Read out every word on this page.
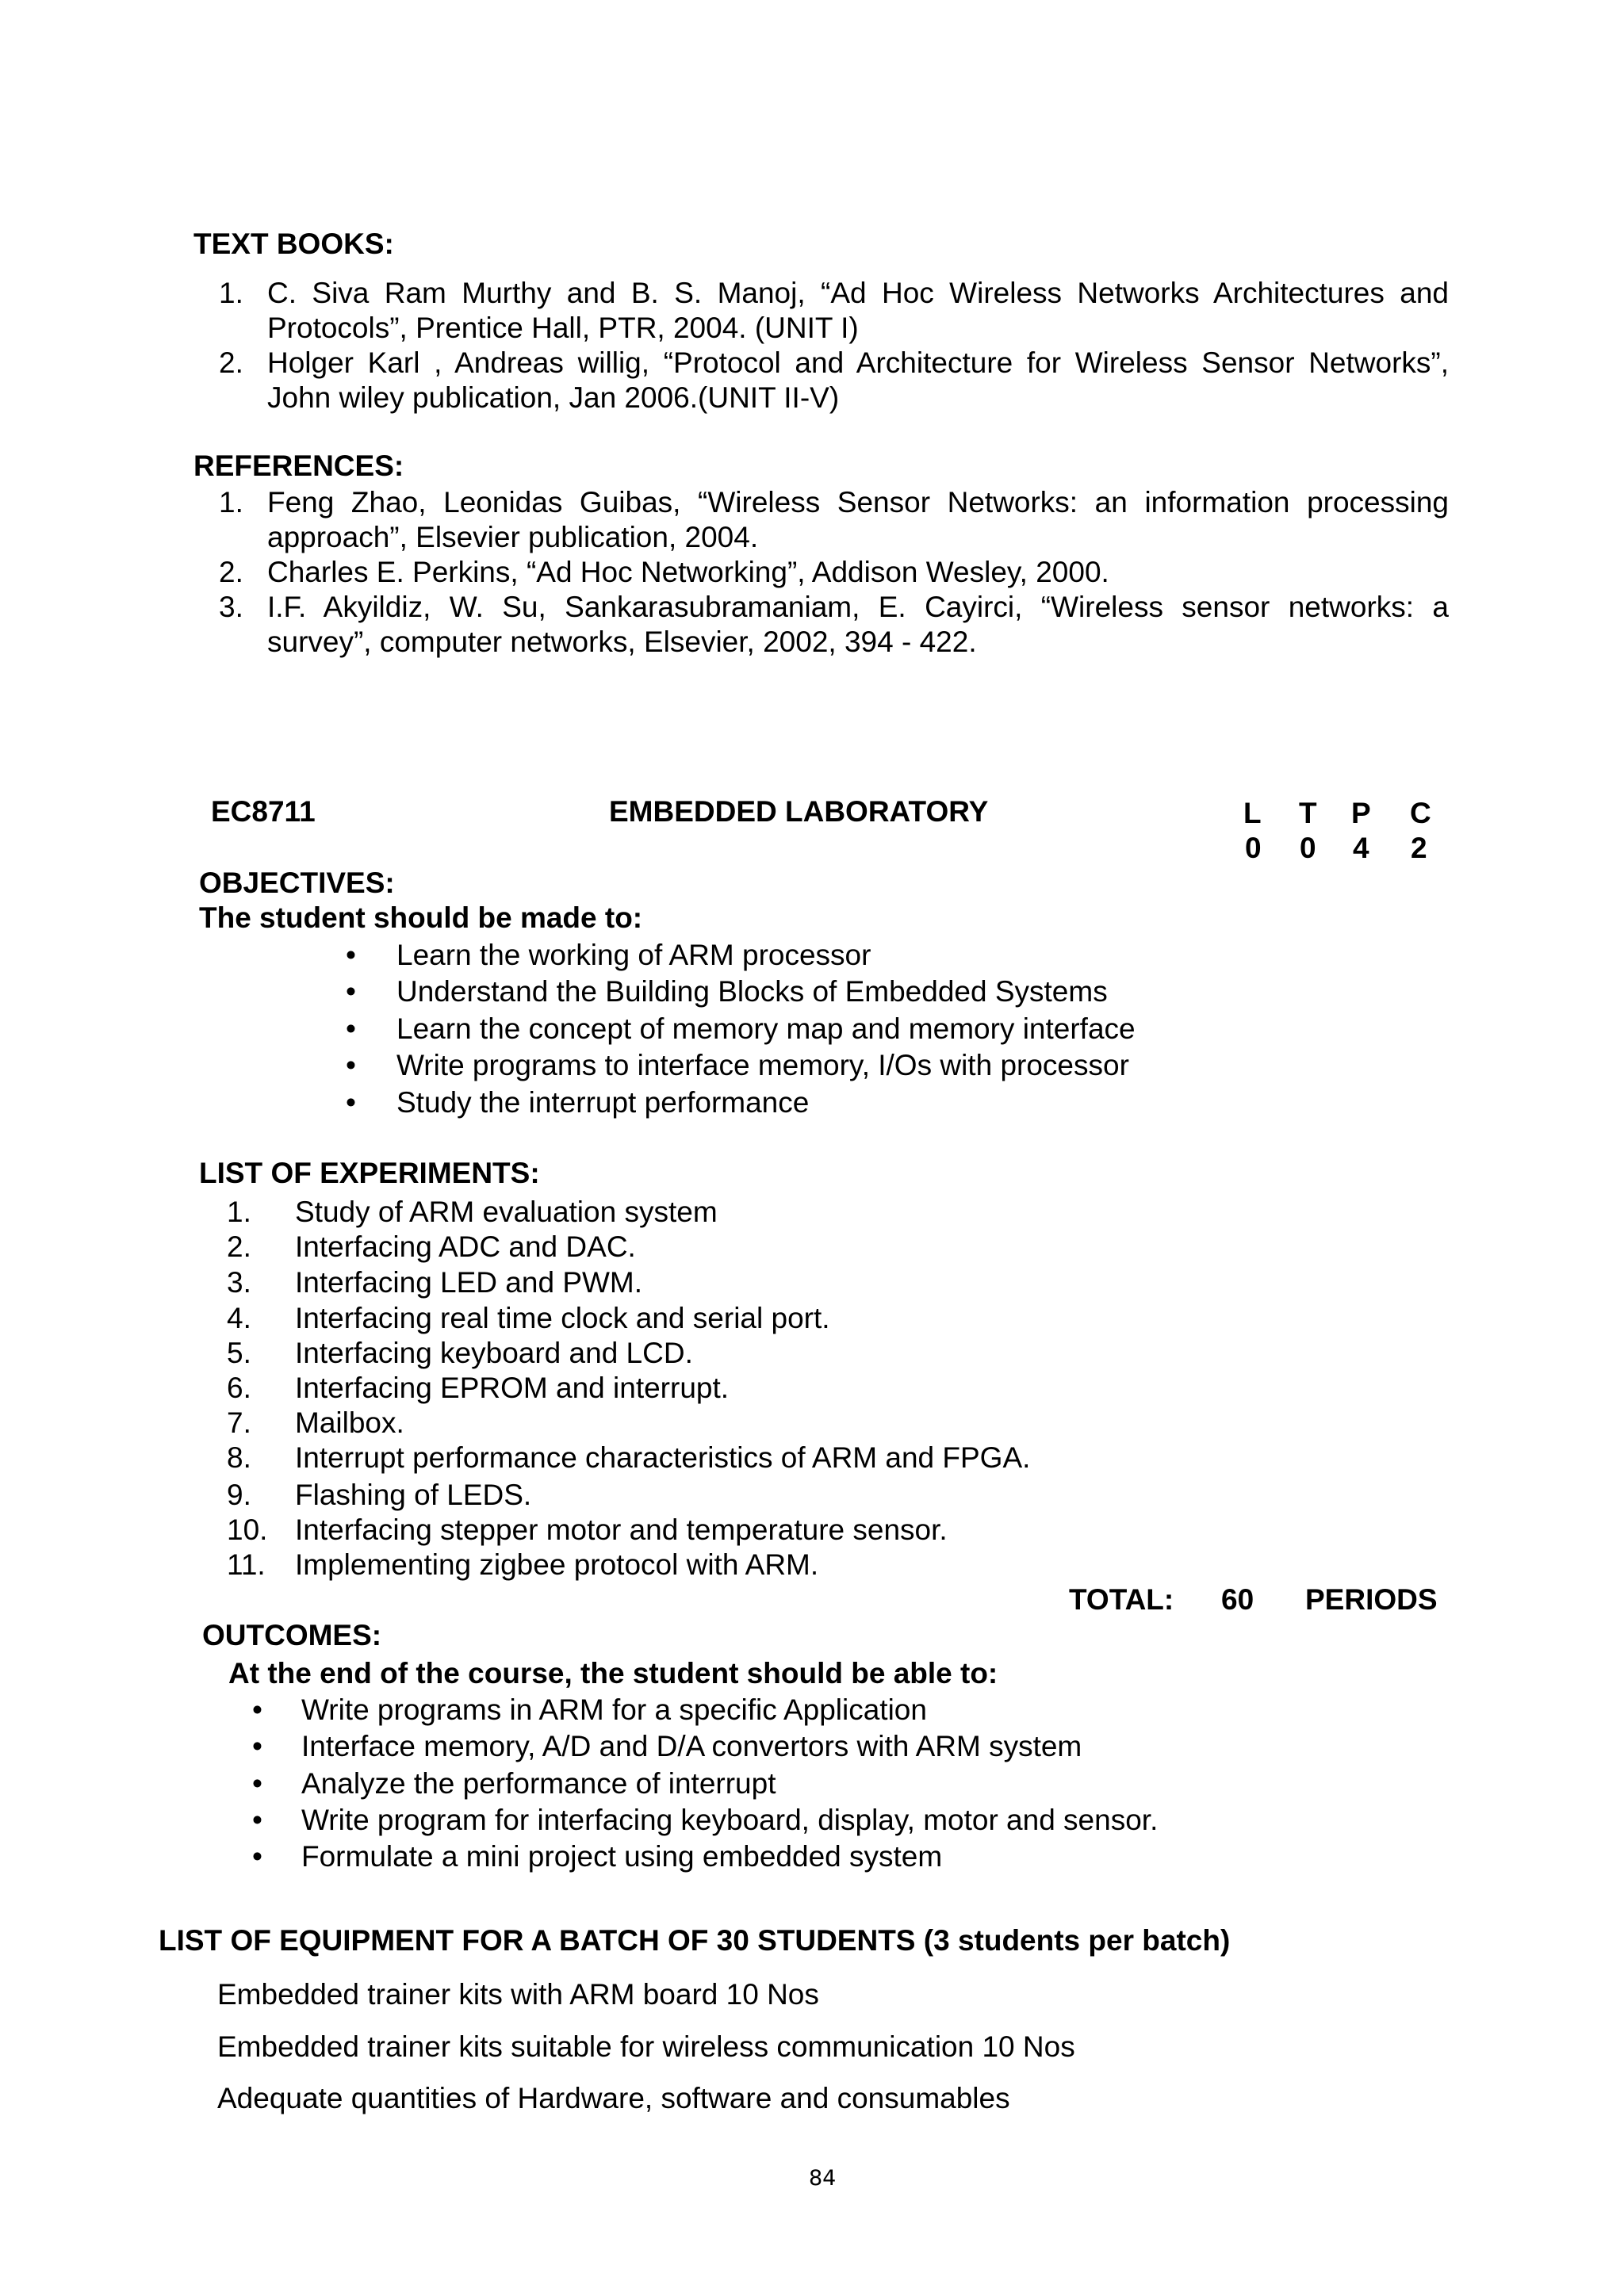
TEXT BOOKS:
1. C. Siva Ram Murthy and B. S. Manoj, “Ad Hoc Wireless Networks Architectures and
Protocols”, Prentice Hall, PTR, 2004. (UNIT I)
2. Holger Karl , Andreas willig, “Protocol and Architecture for Wireless Sensor Networks”,
John wiley publication, Jan 2006.(UNIT II-V)
REFERENCES:
1. Feng Zhao, Leonidas Guibas, “Wireless Sensor Networks: an information processing
approach”, Elsevier publication, 2004.
2. Charles E. Perkins, “Ad Hoc Networking”, Addison Wesley, 2000.
3. I.F. Akyildiz, W. Su, Sankarasubramaniam, E. Cayirci, “Wireless sensor networks: a
survey”, computer networks, Elsevier, 2002, 394 - 422.
EC8711	EMBEDDED LABORATORY	L T P C
0 0 4 2
OBJECTIVES:
The student should be made to:
• Learn the working of ARM processor
• Understand the Building Blocks of Embedded Systems
• Learn the concept of memory map and memory interface
• Write programs to interface memory, I/Os with processor
• Study the interrupt performance
LIST OF EXPERIMENTS:
1. Study of ARM evaluation system
2. Interfacing ADC and DAC.
3. Interfacing LED and PWM.
4. Interfacing real time clock and serial port.
5. Interfacing keyboard and LCD.
6. Interfacing EPROM and interrupt.
7. Mailbox.
8. Interrupt performance characteristics of ARM and FPGA.
9. Flashing of LEDS.
10. Interfacing stepper motor and temperature sensor.
11. Implementing zigbee protocol with ARM.
TOTAL: 60 PERIODS
OUTCOMES:
At the end of the course, the student should be able to:
• Write programs in ARM for a specific Application
• Interface memory, A/D and D/A convertors with ARM system
• Analyze the performance of interrupt
• Write program for interfacing keyboard, display, motor and sensor.
• Formulate a mini project using embedded system
LIST OF EQUIPMENT FOR A BATCH OF 30 STUDENTS (3 students per batch)
Embedded trainer kits with ARM board 10 Nos
Embedded trainer kits suitable for wireless communication 10 Nos
Adequate quantities of Hardware, software and consumables
84
